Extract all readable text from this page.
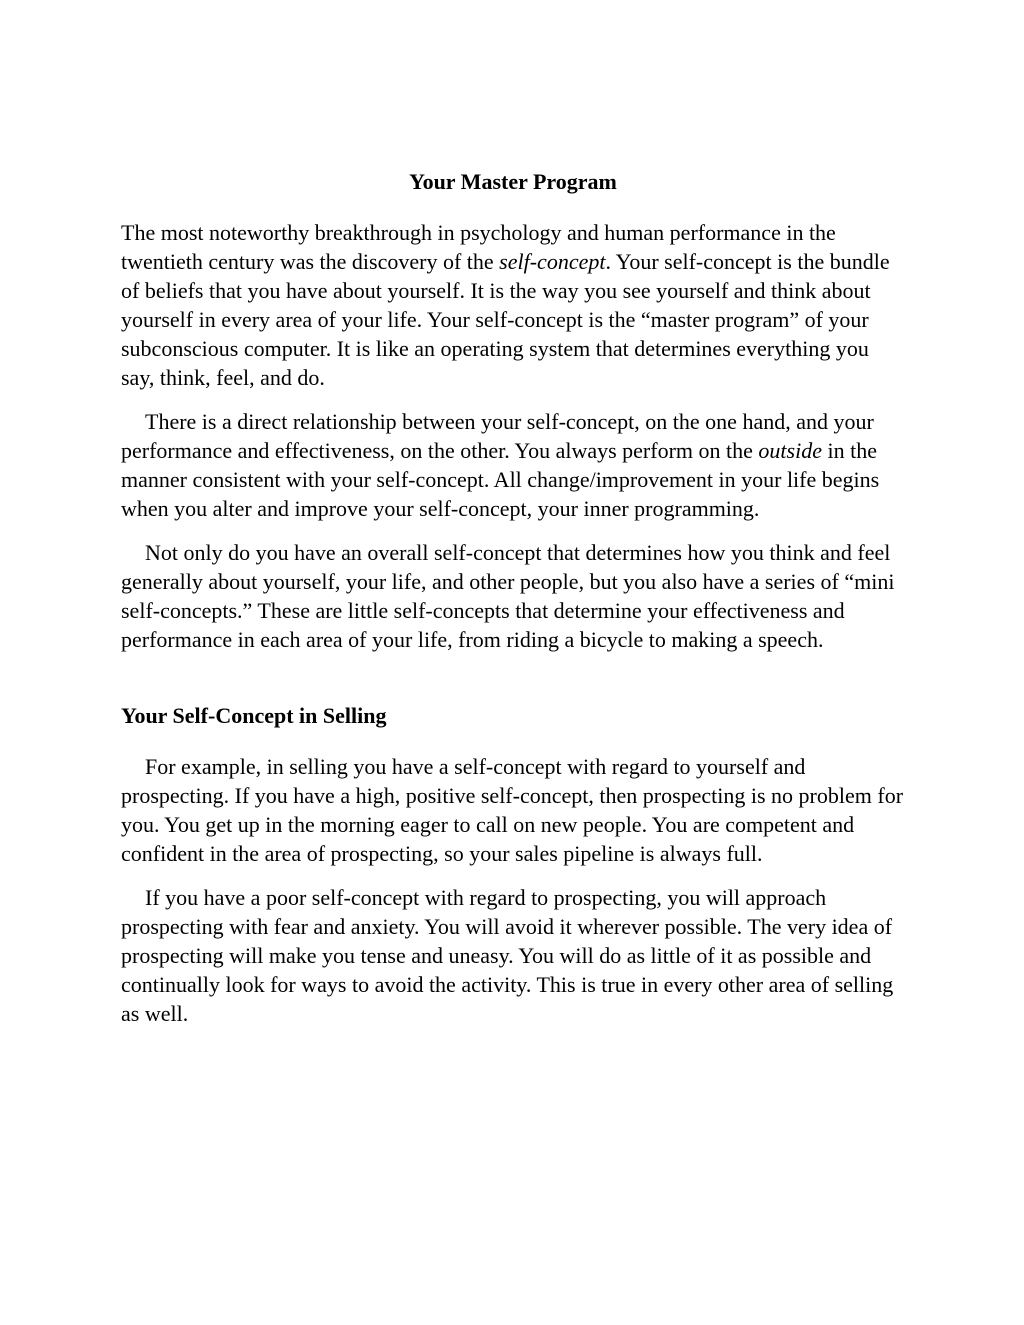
Your Master Program

The most noteworthy breakthrough in psychology and human performance in the twentieth century was the discovery of the self-concept. Your self-concept is the bundle of beliefs that you have about yourself. It is the way you see yourself and think about yourself in every area of your life. Your self-concept is the “master program” of your subconscious computer. It is like an operating system that determines everything you say, think, feel, and do.

There is a direct relationship between your self-concept, on the one hand, and your performance and effectiveness, on the other. You always perform on the outside in the manner consistent with your self-concept. All change/improvement in your life begins when you alter and improve your self-concept, your inner programming.

Not only do you have an overall self-concept that determines how you think and feel generally about yourself, your life, and other people, but you also have a series of “mini self-concepts.” These are little self-concepts that determine your effectiveness and performance in each area of your life, from riding a bicycle to making a speech.

Your Self-Concept in Selling

For example, in selling you have a self-concept with regard to yourself and prospecting. If you have a high, positive self-concept, then prospecting is no problem for you. You get up in the morning eager to call on new people. You are competent and confident in the area of prospecting, so your sales pipeline is always full.

If you have a poor self-concept with regard to prospecting, you will approach prospecting with fear and anxiety. You will avoid it wherever possible. The very idea of prospecting will make you tense and uneasy. You will do as little of it as possible and continually look for ways to avoid the activity. This is true in every other area of selling as well.
